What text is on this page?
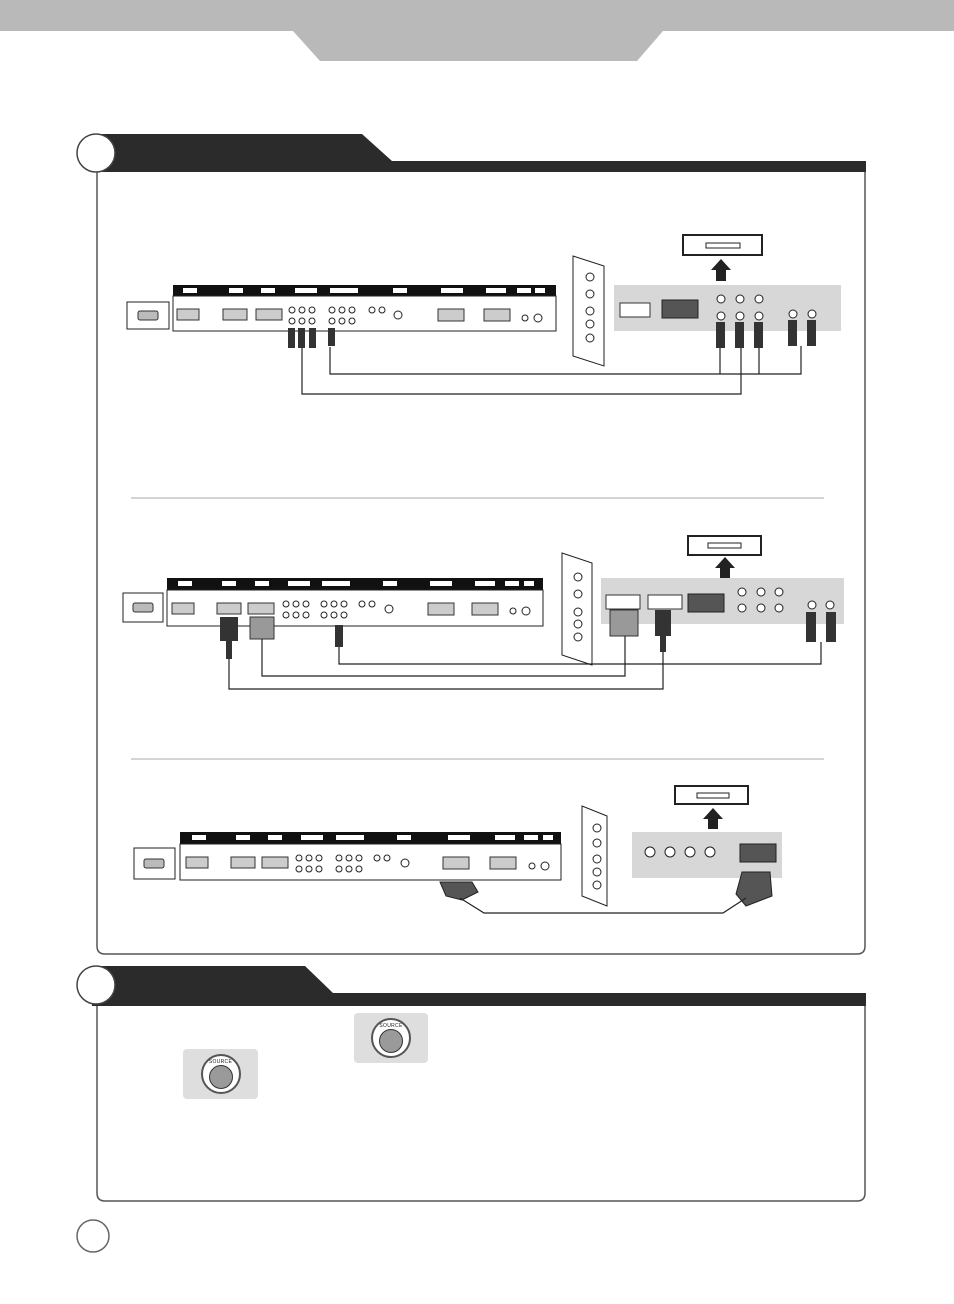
SOURCE
SOURCE
